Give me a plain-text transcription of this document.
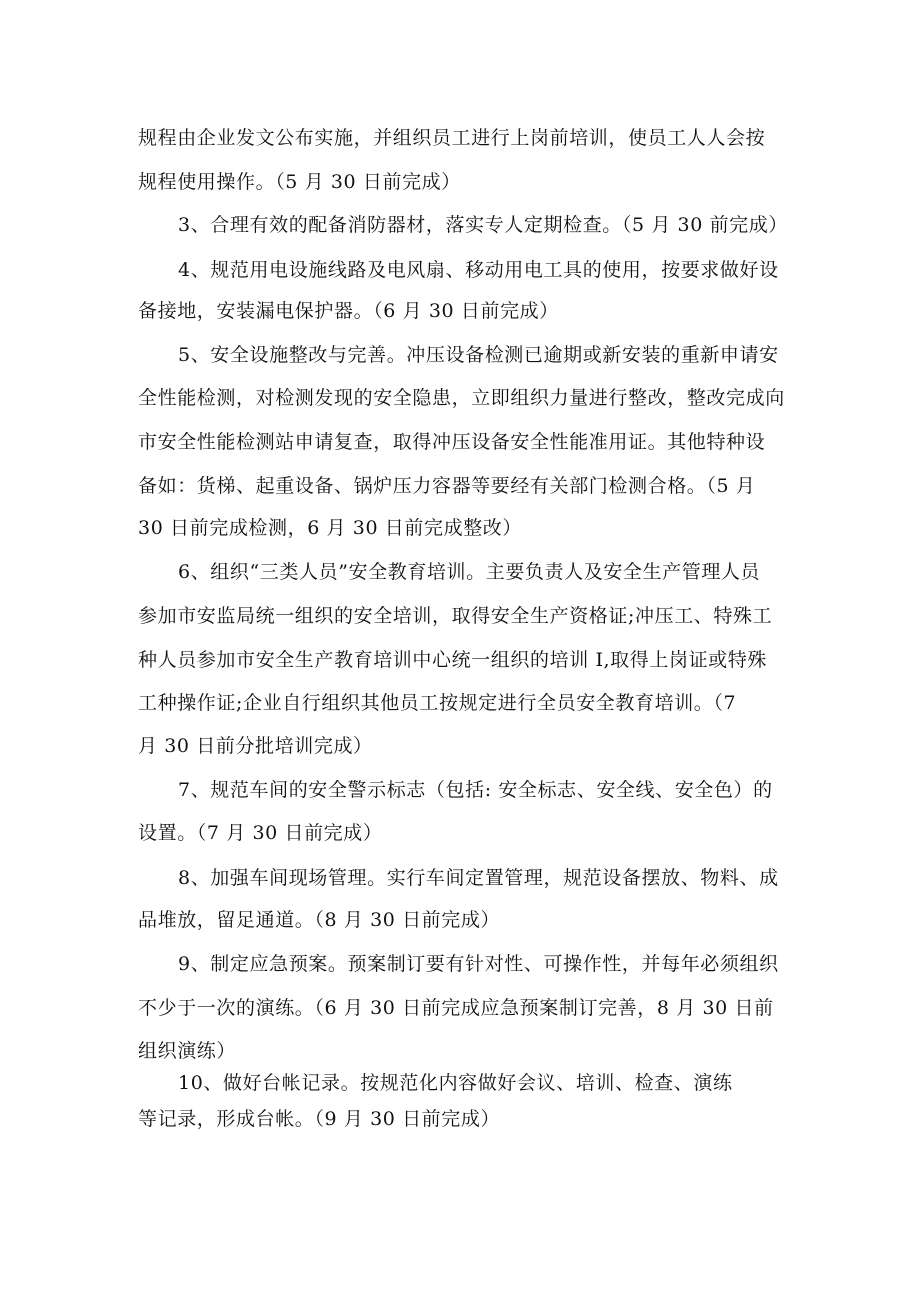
规程由企业发文公布实施，并组织员工进行上岗前培训，使员工人人会按
规程使用操作。（5 月 30 日前完成）
3、合理有效的配备消防器材，落实专人定期检查。（5 月 30 前完成）
4、规范用电设施线路及电风扇、移动用电工具的使用，按要求做好设
备接地，安装漏电保护器。（6 月 30 日前完成）
5、安全设施整改与完善。冲压设备检测已逾期或新安装的重新申请安
全性能检测，对检测发现的安全隐患，立即组织力量进行整改，整改完成向
市安全性能检测站申请复查，取得冲压设备安全性能准用证。其他特种设
备如：货梯、起重设备、锅炉压力容器等要经有关部门检测合格。（5 月
30 日前完成检测，6 月 30 日前完成整改）
6、组织“三类人员”安全教育培训。主要负责人及安全生产管理人员
参加市安监局统一组织的安全培训，取得安全生产资格证;冲压工、特殊工
种人员参加市安全生产教育培训中心统一组织的培训 I,取得上岗证或特殊
工种操作证;企业自行组织其他员工按规定进行全员安全教育培训。（7
月 30 日前分批培训完成）
7、规范车间的安全警示标志（包括: 安全标志、安全线、安全色）的
设置。（7 月 30 日前完成）
8、加强车间现场管理。实行车间定置管理，规范设备摆放、物料、成
品堆放，留足通道。（8 月 30 日前完成）
9、制定应急预案。预案制订要有针对性、可操作性，并每年必须组织
不少于一次的演练。（6 月 30 日前完成应急预案制订完善，8 月 30 日前
组织演练）
10、做好台帐记录。按规范化内容做好会议、培训、检查、演练
等记录，形成台帐。（9 月 30 日前完成）
